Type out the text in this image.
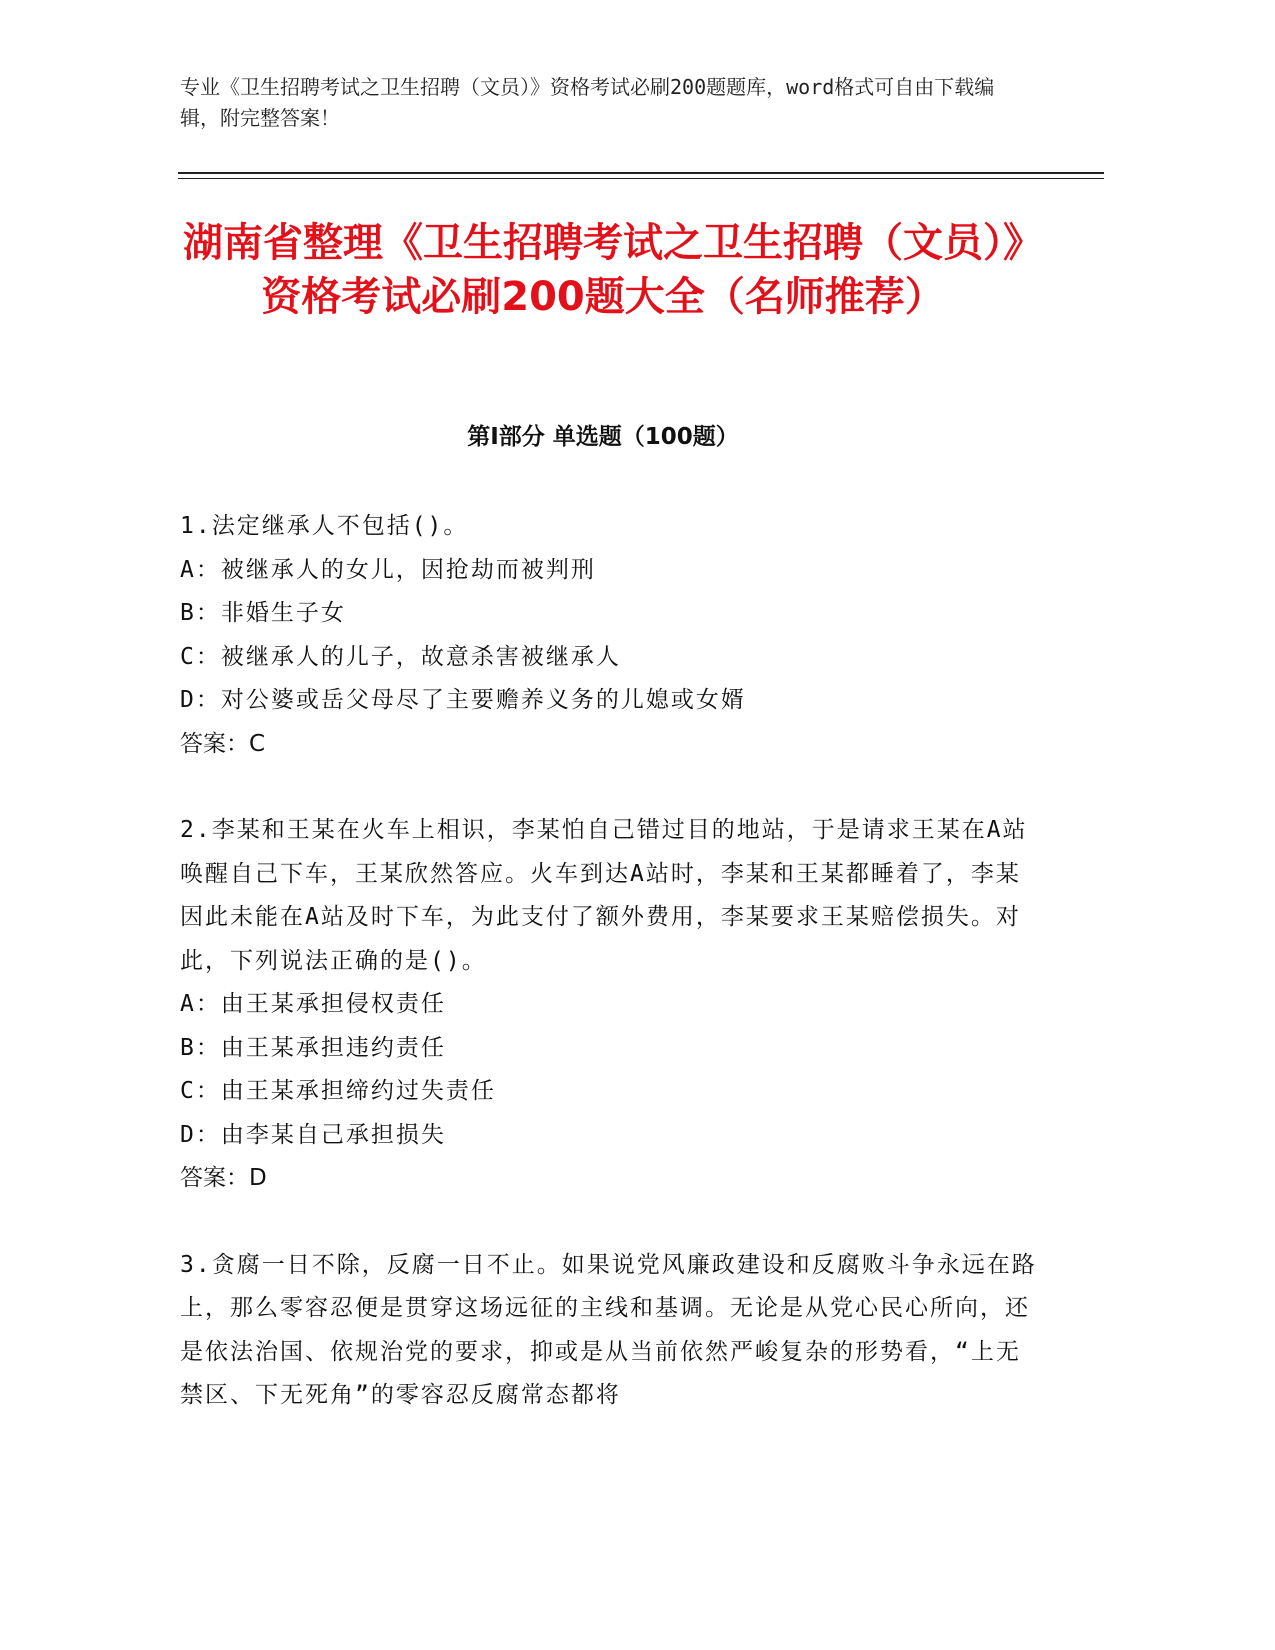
专业《卫生招聘考试之卫生招聘（文员）》资格考试必刷200题题库，word格式可自由下载编辑，附完整答案！
湖南省整理《卫生招聘考试之卫生招聘（文员）》资格考试必刷200题大全（名师推荐）
第Ⅰ部分 单选题（100题）

1.法定继承人不包括()。

A：被继承人的女儿，因抢劫而被判刑

B：非婚生子女

C：被继承人的儿子，故意杀害被继承人

D：对公婆或岳父母尽了主要赡养义务的儿媳或女婿

答案：C

2.李某和王某在火车上相识，李某怕自己错过目的地站，于是请求王某在A站唤醒自己下车，王某欣然答应。火车到达A站时，李某和王某都睡着了，李某因此未能在A站及时下车，为此支付了额外费用，李某要求王某赔偿损失。对此，下列说法正确的是()。

A：由王某承担侵权责任

B：由王某承担违约责任

C：由王某承担缔约过失责任

D：由李某自己承担损失

答案：D

3.贪腐一日不除，反腐一日不止。如果说党风廉政建设和反腐败斗争永远在路上，那么零容忍便是贯穿这场远征的主线和基调。无论是从党心民心所向，还是依法治国、依规治党的要求，抑或是从当前依然严峻复杂的形势看，“上无禁区、下无死角”的零容忍反腐常态都将
